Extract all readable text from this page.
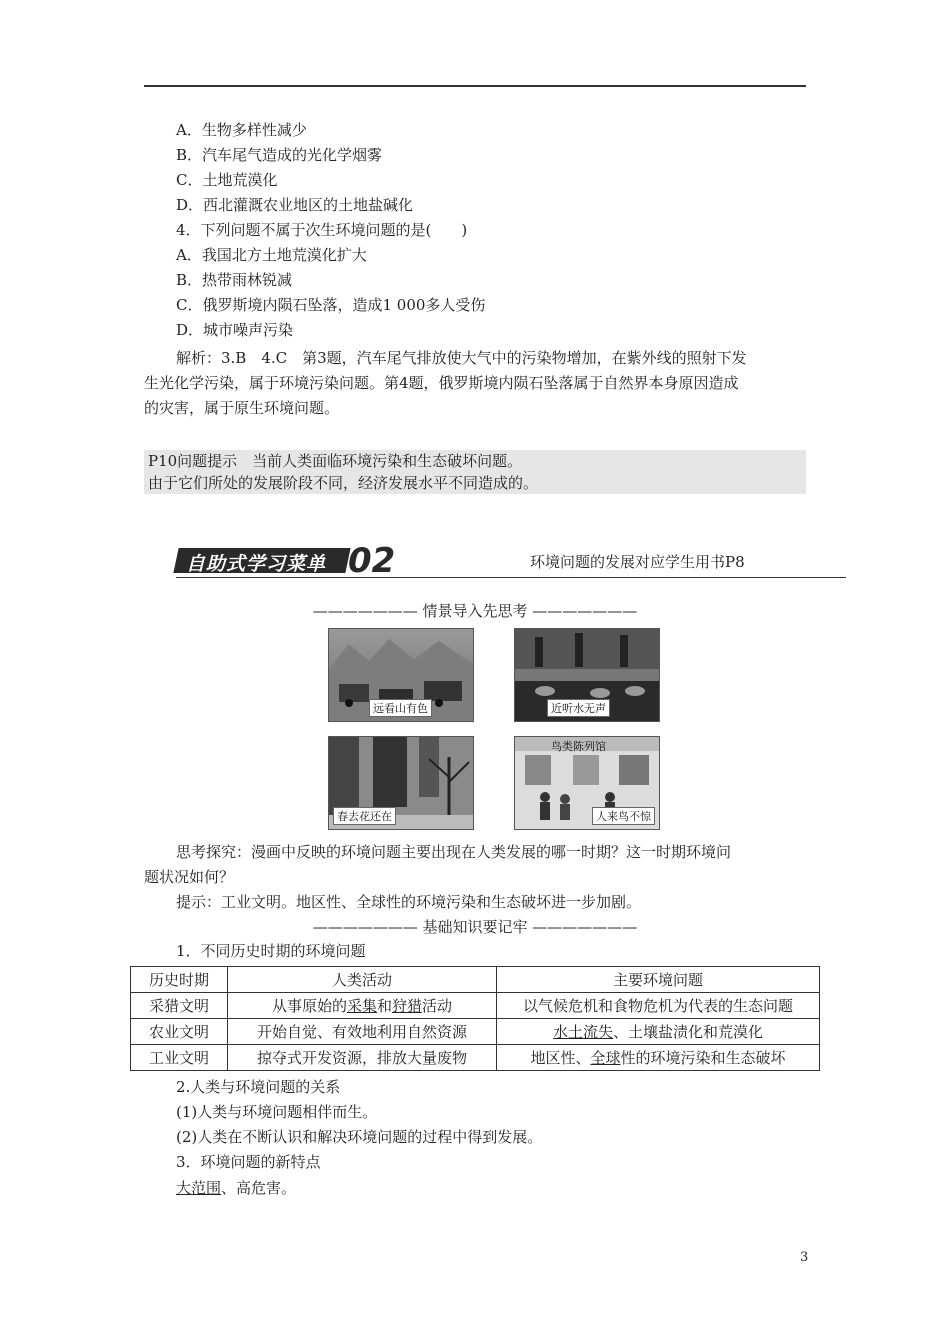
A．生物多样性减少
B．汽车尾气造成的光化学烟雾
C．土地荒漠化
D．西北灌溉农业地区的土地盐碱化
4．下列问题不属于次生环境问题的是(　　)
A．我国北方土地荒漠化扩大
B．热带雨林锐减
C．俄罗斯境内陨石坠落，造成1 000多人受伤
D．城市噪声污染
解析：3.B　4.C　第3题，汽车尾气排放使大气中的污染物增加，在紫外线的照射下发
生光化学污染，属于环境污染问题。第4题，俄罗斯境内陨石坠落属于自然界本身原因造成
的灾害，属于原生环境问题。
P10问题提示　当前人类面临环境污染和生态破坏问题。
由于它们所处的发展阶段不同，经济发展水平不同造成的。
自助式学习菜单 02	环境问题的发展对应学生用书P8
——————— 情景导入先思考 ———————
远看山有色	近听水无声
春去花还在
鸟类陈列馆
人来鸟不惊
思考探究：漫画中反映的环境问题主要出现在人类发展的哪一时期？这一时期环境问
题状况如何？
提示：工业文明。地区性、全球性的环境污染和生态破坏进一步加剧。
——————— 基础知识要记牢 ———————
1．不同历史时期的环境问题
历史时期	人类活动	主要环境问题
采猎文明	从事原始的采集和狩猎活动	以气候危机和食物危机为代表的生态问题
农业文明	开始自觉、有效地利用自然资源	水土流失、土壤盐渍化和荒漠化
工业文明	掠夺式开发资源，排放大量废物	地区性、全球性的环境污染和生态破坏
2.人类与环境问题的关系
(1)人类与环境问题相伴而生。
(2)人类在不断认识和解决环境问题的过程中得到发展。
3．环境问题的新特点
大范围、高危害。
3
